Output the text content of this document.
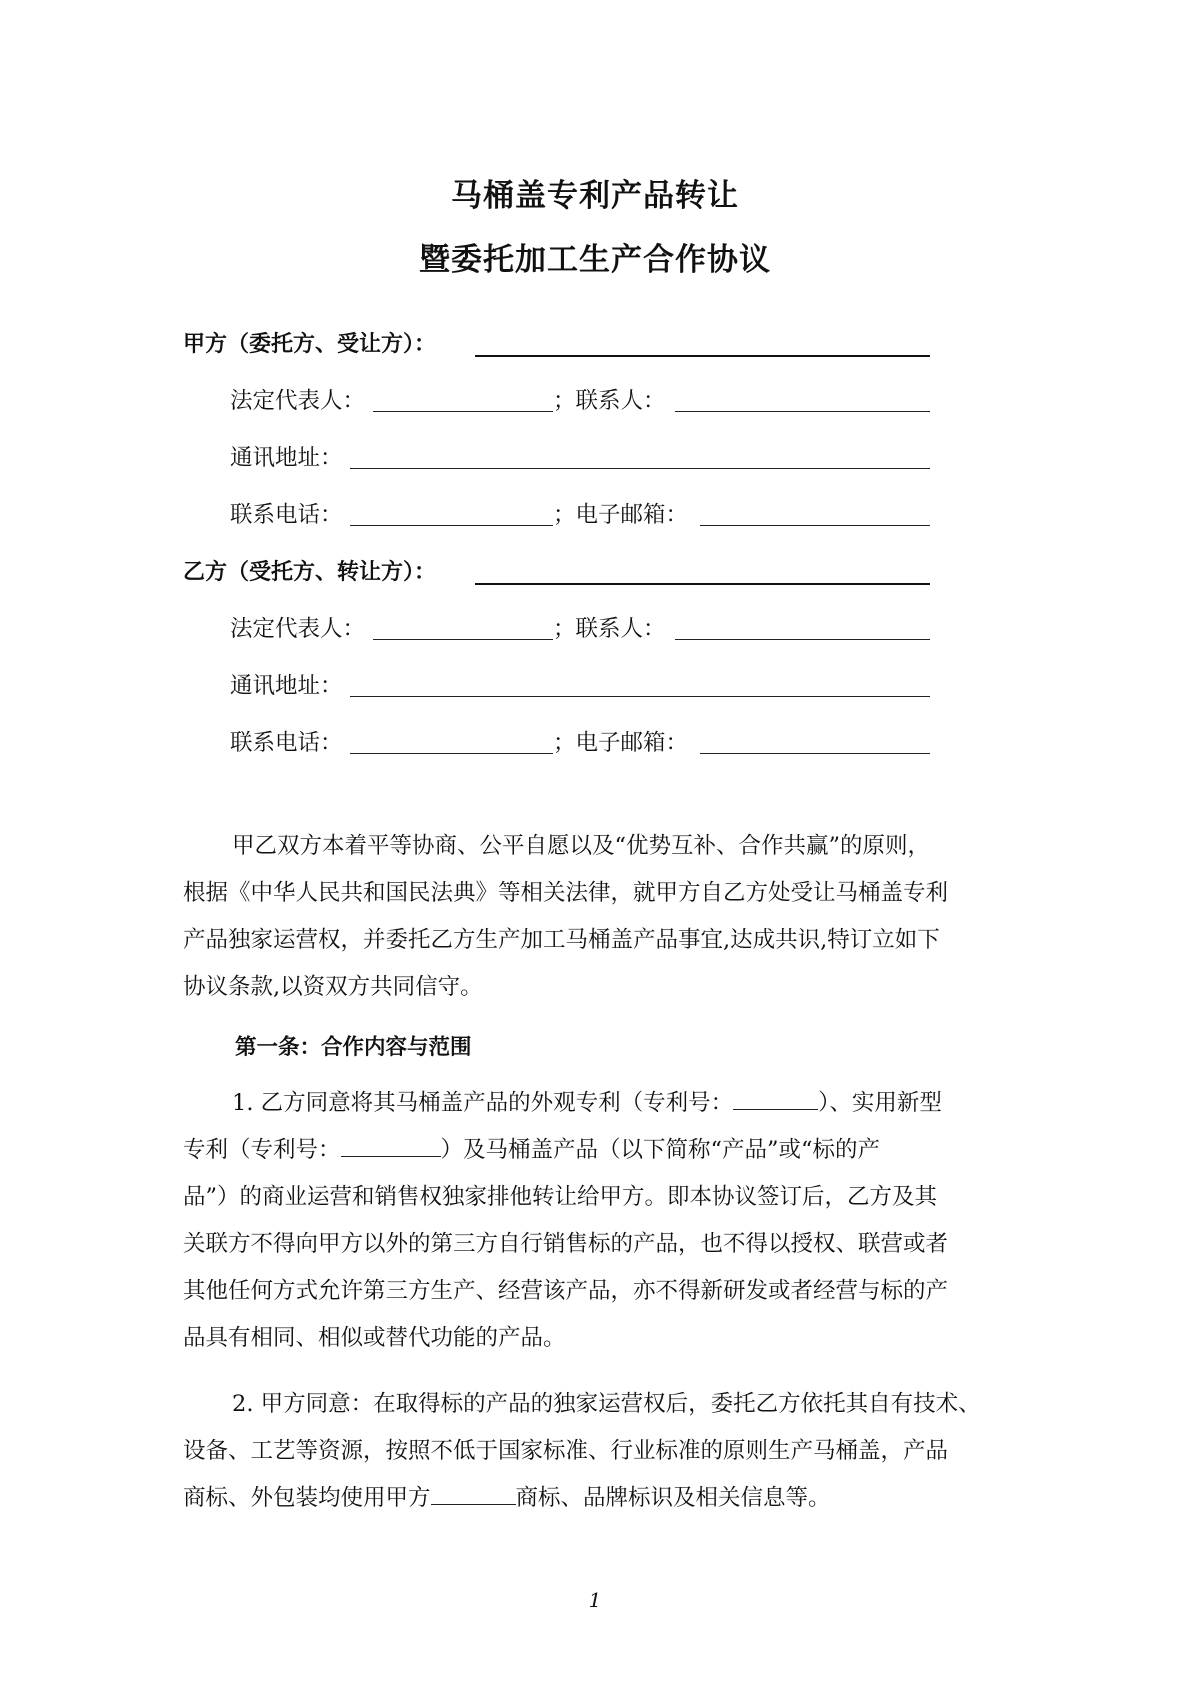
马桶盖专利产品转让
暨委托加工生产合作协议
甲方（委托方、受让方）：
法定代表人：	；联系人：
通讯地址：
联系电话：	；电子邮箱：
乙方（受托方、转让方）：
法定代表人：	；联系人：
通讯地址：
联系电话：	；电子邮箱：
甲乙双方本着平等协商、公平自愿以及“优势互补、合作共赢”的原则，
根据《中华人民共和国民法典》等相关法律，就甲方自乙方处受让马桶盖专利
产品独家运营权，并委托乙方生产加工马桶盖产品事宜,达成共识,特订立如下
协议条款,以资双方共同信守。
第一条：合作内容与范围
1. 乙方同意将其马桶盖产品的外观专利（专利号：	）、实用新型
专利（专利号：	）及马桶盖产品（以下简称“产品”或“标的产
品”）的商业运营和销售权独家排他转让给甲方。即本协议签订后，乙方及其
关联方不得向甲方以外的第三方自行销售标的产品，也不得以授权、联营或者
其他任何方式允许第三方生产、经营该产品，亦不得新研发或者经营与标的产
品具有相同、相似或替代功能的产品。
2. 甲方同意：在取得标的产品的独家运营权后，委托乙方依托其自有技术、
设备、工艺等资源，按照不低于国家标准、行业标准的原则生产马桶盖，产品
商标、外包装均使用甲方	商标、品牌标识及相关信息等。
1
